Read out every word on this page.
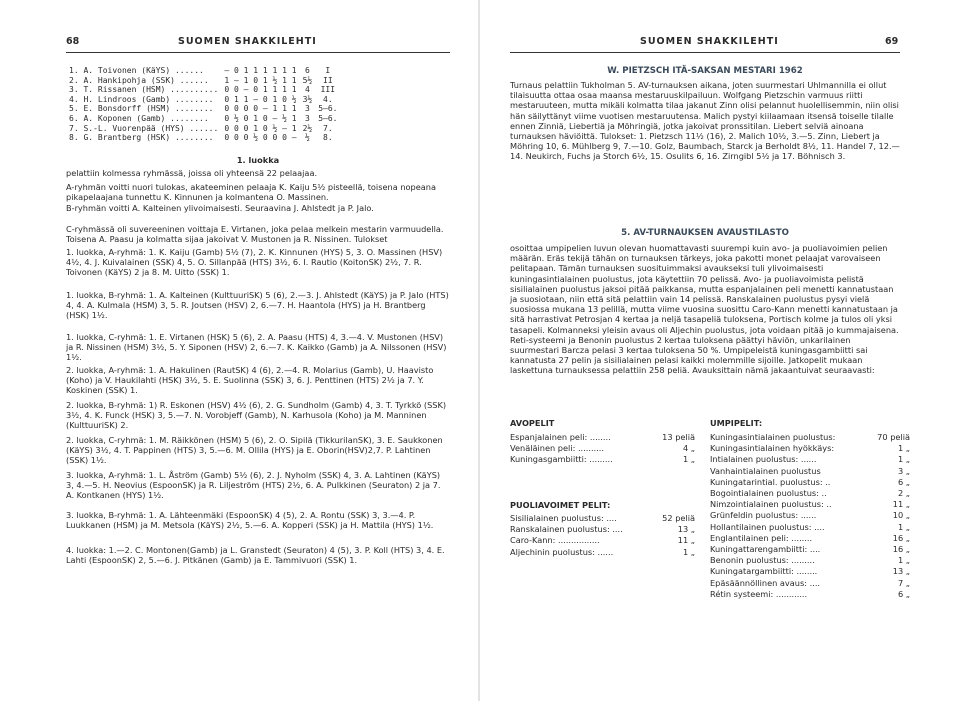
68	SUOMEN SHAKKILEHTI
1. A. Toivonen (KäYS) ......	— 0 1 1 1 1 1 1	6	I
2. A. Hankipohja (SSK) ......	1 — 1 0 1 ½ 1 1	5½	II
3. T. Rissanen (HSM) ..........	0 0 — 0 1 1 1 1	4	III
4. H. Lindroos (Gamb) ........	0 1 1 — 0 1 0 ½	3½	4.
5. E. Bonsdorff (HSM) ........	0 0 0 0 — 1 1 1	3	5—6.
6. A. Koponen (Gamb) ........	0 ½ 0 1 0 — ½ 1	3	5—6.
7. S.-L. Vuorenpää (HYS) ......	0 0 0 1 0 ½ — 1	2½	7.
8. G. Brantberg (HSK) ........	0 0 0 ½ 0 0 0 —	½	8.
1. luokka
pelattiin kolmessa ryhmässä, joissa oli yhteensä 22 pelaajaa.
A-ryhmän voitti nuori tulokas, akateeminen pelaaja K. Kaiju 5½ pisteellä, toisena nopeana pikapelaajana tunnettu K. Kinnunen ja kolmantena O. Massinen.
B-ryhmän voitti A. Kalteinen ylivoimaisesti. Seuraavina J. Ahlstedt ja P. Jalo.
C-ryhmässä oli suvereeninen voittaja E. Virtanen, joka pelaa melkein mestarin varmuudella. Toisena A. Paasu ja kolmatta sijaa jakoivat V. Mustonen ja R. Nissinen. Tulokset
1. luokka, A-ryhmä: 1. K. Kaiju (Gamb) 5½ (7), 2. K. Kinnunen (HYS) 5, 3. O. Massinen (HSV) 4½, 4. J. Kuivalainen (SSK) 4, 5. O. Sillanpää (HTS) 3½, 6. I. Rautio (KoitonSK) 2½, 7. R. Toivonen (KäYS) 2 ja 8. M. Uitto (SSK) 1.
1. luokka, B-ryhmä: 1. A. Kalteinen (KulttuuriSK) 5 (6), 2.—3. J. Ahlstedt (KäYS) ja P. Jalo (HTS) 4, 4. A. Kulmala (HSM) 3, 5. R. Joutsen (HSV) 2, 6.—7. H. Haantola (HYS) ja H. Brantberg (HSK) 1½.
1. luokka, C-ryhmä: 1. E. Virtanen (HSK) 5 (6), 2. A. Paasu (HTS) 4, 3.—4. V. Mustonen (HSV) ja R. Nissinen (HSM) 3½, 5. Y. Siponen (HSV) 2, 6.—7. K. Kaikko (Gamb) ja A. Nilssonen (HSV) 1½.
2. luokka, A-ryhmä: 1. A. Hakulinen (RautSK) 4 (6), 2.—4. R. Molarius (Gamb), U. Haavisto (Koho) ja V. Haukilahti (HSK) 3½, 5. E. Suolinna (SSK) 3, 6. J. Penttinen (HTS) 2½ ja 7. Y. Koskinen (SSK) 1.
2. luokka, B-ryhmä: 1) R. Eskonen (HSV) 4½ (6), 2. G. Sundholm (Gamb) 4, 3. T. Tyrkkö (SSK) 3½, 4. K. Funck (HSK) 3, 5.—7. N. Vorobjeff (Gamb), N. Karhusola (Koho) ja M. Manninen (KulttuuriSK) 2.
2. luokka, C-ryhmä: 1. M. Räikkönen (HSM) 5 (6), 2. O. Sipilä (TikkurilanSK), 3. E. Saukkonen (KäYS) 3½, 4. T. Pappinen (HTS) 3, 5.—6. M. Ollila (HYS) ja E. Oborin(HSV)2,7. P. Lahtinen (SSK) 1½.
3. luokka, A-ryhmä: 1. L. Åström (Gamb) 5½ (6), 2. J. Nyholm (SSK) 4, 3. A. Lahtinen (KäYS) 3, 4.—5. H. Neovius (EspoonSK) ja R. Liljeström (HTS) 2½, 6. A. Pulkkinen (Seuraton) 2 ja 7. A. Kontkanen (HYS) 1½.
3. luokka, B-ryhmä: 1. A. Lähteenmäki (EspoonSK) 4 (5), 2. A. Rontu (SSK) 3, 3.—4. P. Luukkanen (HSM) ja M. Metsola (KäYS) 2½, 5.—6. A. Kopperi (SSK) ja H. Mattila (HYS) 1½.
4. luokka: 1.—2. C. Montonen(Gamb) ja L. Granstedt (Seuraton) 4 (5), 3. P. Koll (HTS) 3, 4. E. Lahti (EspoonSK) 2, 5.—6. J. Pitkänen (Gamb) ja E. Tammivuori (SSK) 1.
SUOMEN SHAKKILEHTI	69
W. PIETZSCH ITÄ-SAKSAN MESTARI 1962
Turnaus pelattiin Tukholman 5. AV-turnauksen aikana, joten suurmestari Uhlmannilla ei ollut tilaisuutta ottaa osaa maansa mestaruuskilpailuun. Wolfgang Pietzschin varmuus riitti mestaruuteen, mutta mikäli kolmatta tilaa jakanut Zinn olisi pelannut huolellisemmin, niin olisi hän säilyttänyt viime vuotisen mestaruutensa. Malich pystyi kiilaamaan itsensä toiselle tilalle ennen Zinniä, Liebertiä ja Möhringiä, jotka jakoivat pronssitilan. Liebert selviä ainoana turnauksen häviöittä. Tulokset: 1. Pietzsch 11½ (16), 2. Malich 10½, 3.—5. Zinn, Liebert ja Möhring 10, 6. Mühlberg 9, 7.—10. Golz, Baumbach, Starck ja Berholdt 8½, 11. Handel 7, 12.—14. Neukirch, Fuchs ja Storch 6½, 15. Osulits 6, 16. Zirngibl 5½ ja 17. Böhnisch 3.
5. AV-TURNAUKSEN AVAUSTILASTO
osoittaa umpipelien luvun olevan huomattavasti suurempi kuin avo- ja puoliavoimien pelien määrän. Eräs tekijä tähän on turnauksen tärkeys, joka pakotti monet pelaajat varovaiseen pelitapaan. Tämän turnauksen suosituimmaksi avaukseksi tuli ylivoimaisesti kuningasintialainen puolustus, jota käytettiin 70 pelissä. Avo- ja puoliavoimista pelistä sisilialainen puolustus jaksoi pitää paikkansa, mutta espanjalainen peli menetti kannatustaan ja suosiotaan, niin että sitä pelattiin vain 14 pelissä. Ranskalainen puolustus pysyi vielä suosiossa mukana 13 pelillä, mutta viime vuosina suosittu Caro-Kann menetti kannatustaan ja sitä harrastivat Petrosjan 4 kertaa ja neljä tasapeliä tuloksena, Portisch kolme ja tulos oli yksi tasapeli. Kolmanneksi yleisin avaus oli Aljechin puolustus, jota voidaan pitää jo kummajaisena. Reti-systeemi ja Benonin puolustus 2 kertaa tuloksena päättyi häviön, unkarilainen suurmestari Barcza pelasi 3 kertaa tuloksena 50 %. Umpipeleistä kuningasgambiitti sai kannatusta 27 pelin ja sisilialainen pelasi kaikki molemmille sijoille. Jatkopelit mukaan laskettuna turnauksessa pelattiin 258 peliä. Avauksittain nämä jakaantuivat seuraavasti:
AVOPELIT	UMPIPELIT:
Espanjalainen peli: ........	13 peliä
Venäläinen peli: ..........	4 „
Kuningasgambiitti: .........	1 „
PUOLIAVOIMET PELIT:
Sisilialainen puolustus: ....	52 peliä
Ranskalainen puolustus: ....	13 „
Caro-Kann: ................	11 „
Aljechinin puolustus: ......	1 „
Kuningasintialainen puolustus:	70 peliä
Kuningasintialainen hyökkäys:	1 „
Intialainen puolustus: ......	1 „
Vanhaintialainen puolustus	3 „
Kuningatarintial. puolustus: ..	6 „
Bogointialainen puolustus: ..	2 „
Nimzointialainen puolustus: ..	11 „
Grünfeldin puolustus: ......	10 „
Hollantilainen puolustus: ....	1 „
Englantilainen peli: ........	16 „
Kuningattarengambiitti: ....	16 „
Benonin puolustus: .........	1 „
Kuningatargambiitti: ........	13 „
Epäsäännöllinen avaus: ....	7 „
Rétin systeemi: ............	6 „
